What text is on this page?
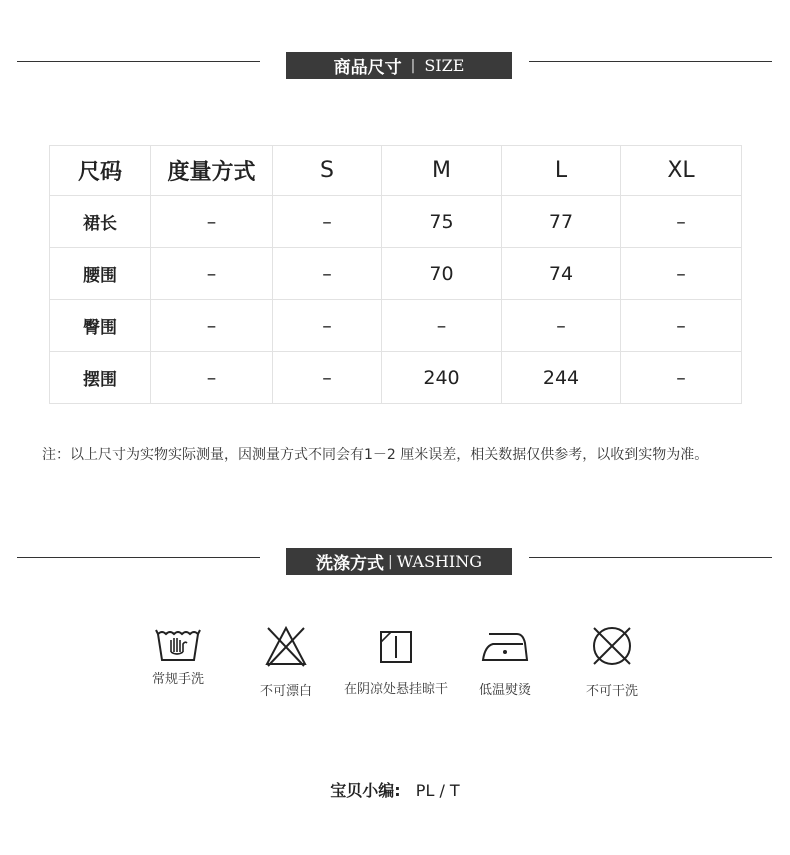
商品尺寸 | SIZE
尺码	度量方式	S	M	L	XL
裙长	–	–	75	77	–
腰围	–	–	70	74	–
臀围	–	–	–	–	–
摆围	–	–	240	244	–
注：以上尺寸为实物实际测量，因测量方式不同会有1－2 厘米误差，相关数据仅供参考，以收到实物为准。
洗涤方式 | WASHING
常规手洗
不可漂白	在阴凉处悬挂晾干	低温熨烫	不可干洗
宝贝小编: PL / T
